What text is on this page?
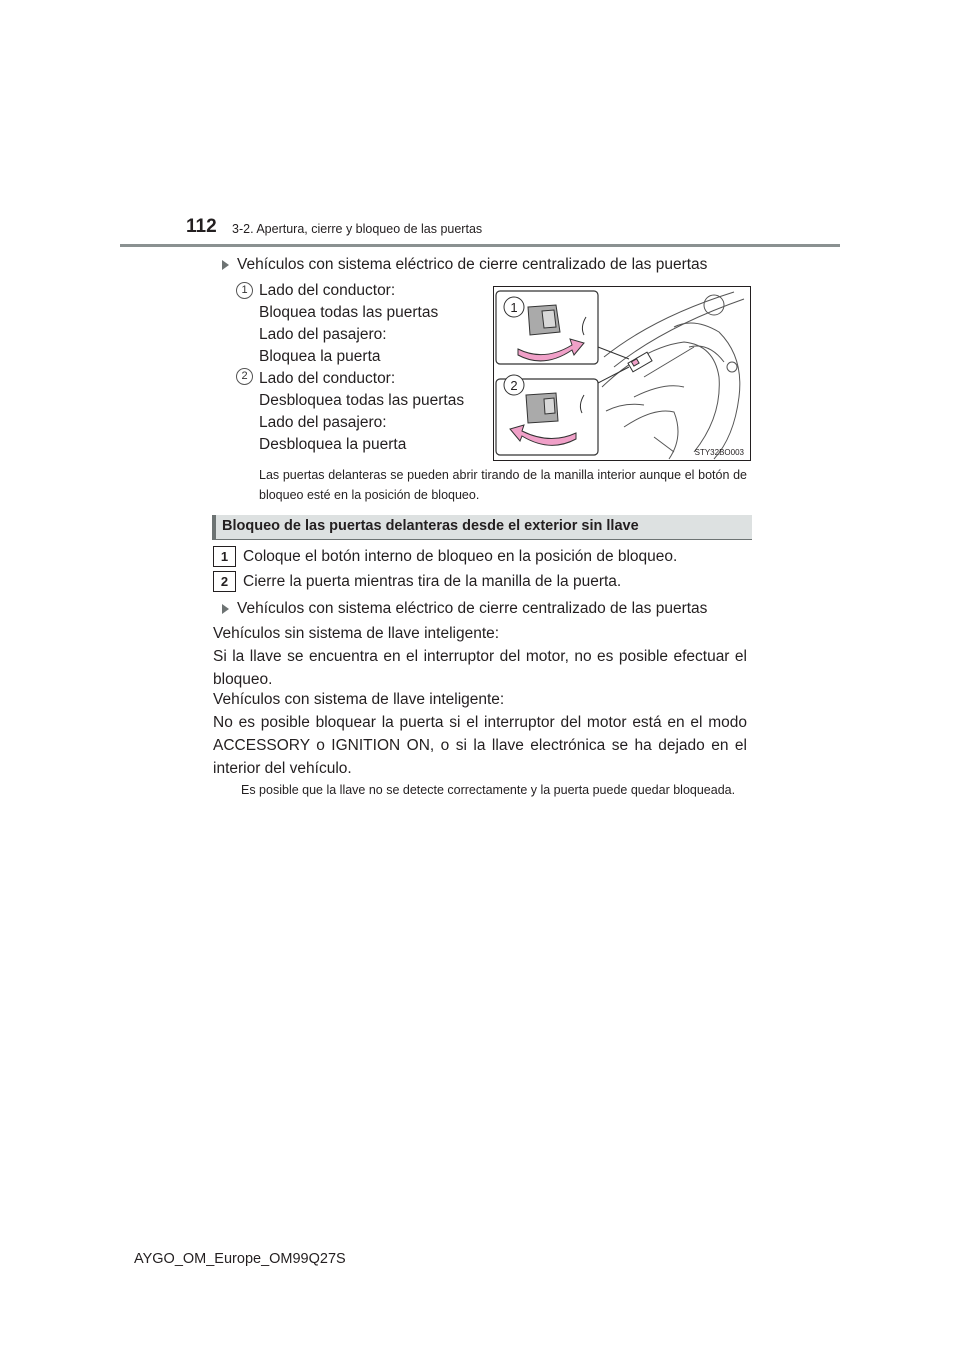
112 3-2. Apertura, cierre y bloqueo de las puertas
Vehículos con sistema eléctrico de cierre centralizado de las puertas
1 Lado del conductor:

Bloquea todas las puertas

Lado del pasajero:

Bloquea la puerta

2 Lado del conductor:

Desbloquea todas las puertas

Lado del pasajero:

Desbloquea la puerta

1
2
STY32BO003
Las puertas delanteras se pueden abrir tirando de la manilla interior aunque el botón de bloqueo esté en la posición de bloqueo.
Bloqueo de las puertas delanteras desde el exterior sin llave
1 Coloque el botón interno de bloqueo en la posición de bloqueo.
2 Cierre la puerta mientras tira de la manilla de la puerta.
Vehículos con sistema eléctrico de cierre centralizado de las puertas
Vehículos sin sistema de llave inteligente:
Si la llave se encuentra en el interruptor del motor, no es posible efectuar el bloqueo.
Vehículos con sistema de llave inteligente:
No es posible bloquear la puerta si el interruptor del motor está en el modo ACCESSORY o IGNITION ON, o si la llave electrónica se ha dejado en el interior del vehículo.
Es posible que la llave no se detecte correctamente y la puerta puede quedar bloqueada.
AYGO_OM_Europe_OM99Q27S
